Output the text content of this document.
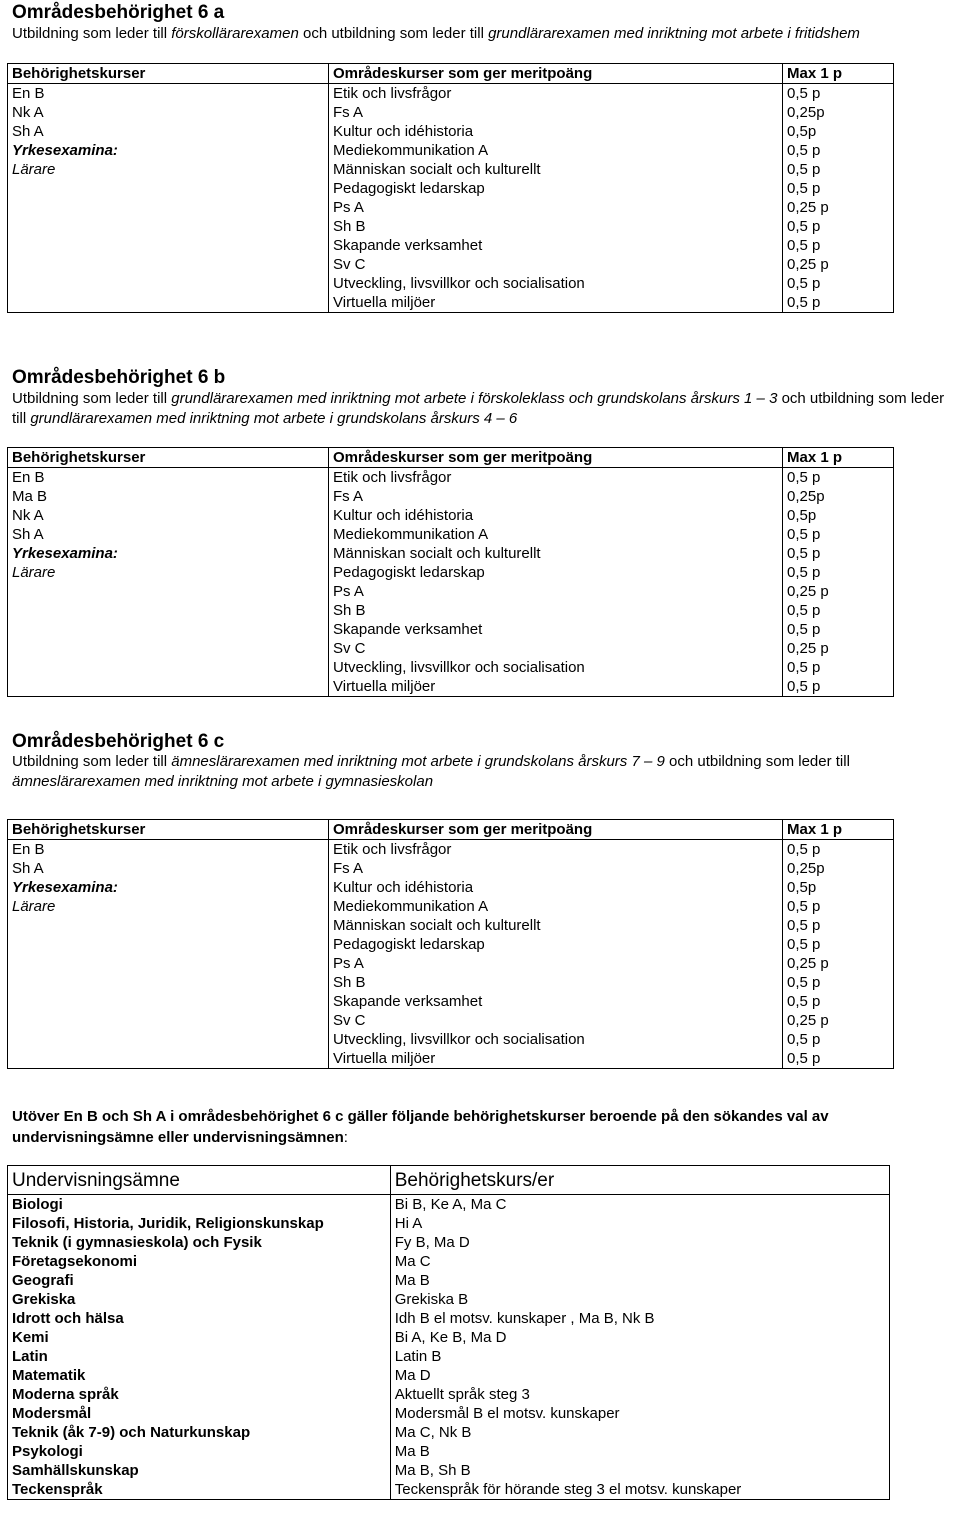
Områdesbehörighet 6 a

Utbildning som leder till förskollärarexamen och utbildning som leder till grundlärarexamen med inriktning mot arbete i fritidshem

Behörighetskurser	Områdeskurser som ger meritpoäng	Max 1 p
En B	Etik och livsfrågor	0,5 p
Nk A	Fs A	0,25p
Sh A	Kultur och idéhistoria	0,5p
Yrkesexamina:	Mediekommunikation A	0,5 p
Lärare	Människan socialt och kulturellt	0,5 p
	Pedagogiskt ledarskap	0,5 p
	Ps A	0,25 p
	Sh B	0,5 p
	Skapande verksamhet	0,5 p
	Sv C	0,25 p
	Utveckling, livsvillkor och socialisation	0,5 p
	Virtuella miljöer	0,5 p
Områdesbehörighet 6 b

Utbildning som leder till grundlärarexamen med inriktning mot arbete i förskoleklass och grundskolans årskurs 1 – 3 och utbildning som leder till grundlärarexamen med inriktning mot arbete i grundskolans årskurs 4 – 6

Behörighetskurser	Områdeskurser som ger meritpoäng	Max 1 p
En B	Etik och livsfrågor	0,5 p
Ma B	Fs A	0,25p
Nk A	Kultur och idéhistoria	0,5p
Sh A	Mediekommunikation A	0,5 p
Yrkesexamina:	Människan socialt och kulturellt	0,5 p
Lärare	Pedagogiskt ledarskap	0,5 p
	Ps A	0,25 p
	Sh B	0,5 p
	Skapande verksamhet	0,5 p
	Sv C	0,25 p
	Utveckling, livsvillkor och socialisation	0,5 p
	Virtuella miljöer	0,5 p
Områdesbehörighet 6 c

Utbildning som leder till ämneslärarexamen med inriktning mot arbete i grundskolans årskurs 7 – 9 och utbildning som leder till ämneslärarexamen med inriktning mot arbete i gymnasieskolan

Behörighetskurser	Områdeskurser som ger meritpoäng	Max 1 p
En B	Etik och livsfrågor	0,5 p
Sh A	Fs A	0,25p
Yrkesexamina:	Kultur och idéhistoria	0,5p
Lärare	Mediekommunikation A	0,5 p
	Människan socialt och kulturellt	0,5 p
	Pedagogiskt ledarskap	0,5 p
	Ps A	0,25 p
	Sh B	0,5 p
	Skapande verksamhet	0,5 p
	Sv C	0,25 p
	Utveckling, livsvillkor och socialisation	0,5 p
	Virtuella miljöer	0,5 p

Utöver En B och Sh A i områdesbehörighet 6 c gäller följande behörighetskurser beroende på den sökandes val av undervisningsämne eller undervisningsämnen:

Undervisningsämne	Behörighetskurs/er
Biologi	Bi B, Ke A, Ma C
Filosofi, Historia, Juridik, Religionskunskap	Hi A
Teknik (i gymnasieskola) och Fysik	Fy B, Ma D
Företagsekonomi	Ma C
Geografi	Ma B
Grekiska	Grekiska B
Idrott och hälsa	Idh B el motsv. kunskaper , Ma B, Nk B
Kemi	Bi A, Ke B, Ma D
Latin	Latin B
Matematik	Ma D
Moderna språk	Aktuellt språk steg 3
Modersmål	Modersmål B el motsv. kunskaper
Teknik (åk 7-9) och Naturkunskap	Ma C, Nk B
Psykologi	Ma B
Samhällskunskap	Ma B, Sh B
Teckenspråk	Teckenspråk för hörande steg 3 el motsv. kunskaper
